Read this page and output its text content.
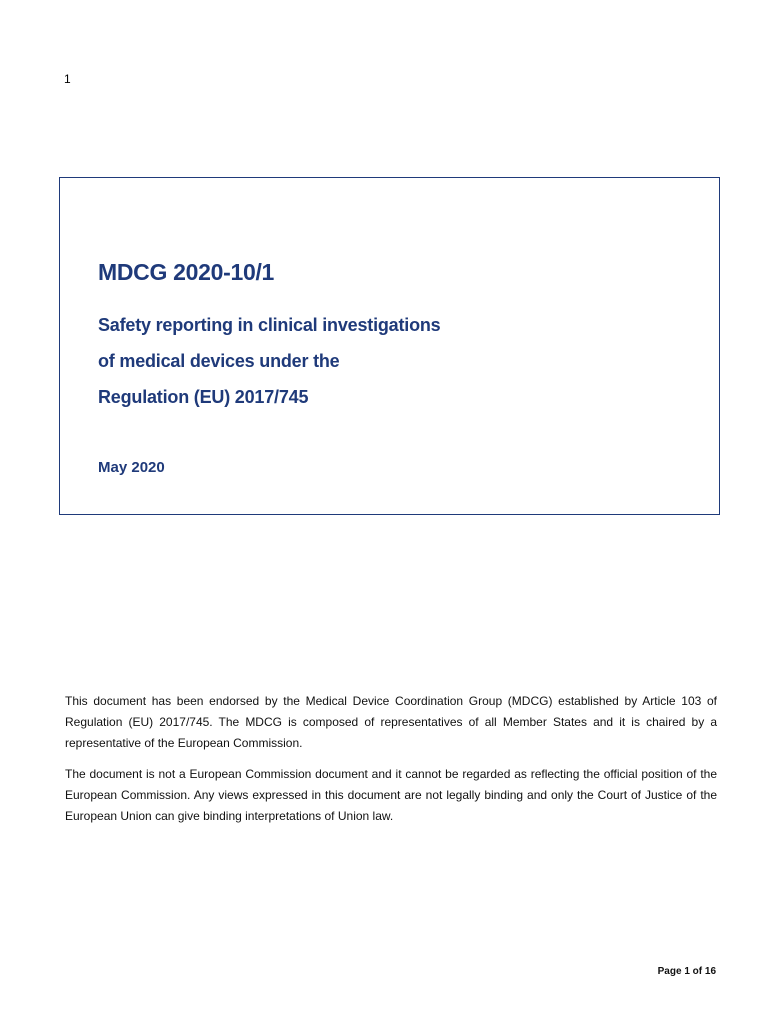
1
MDCG 2020-10/1
Safety reporting in clinical investigations
of medical devices under the
Regulation (EU) 2017/745

May 2020

This document has been endorsed by the Medical Device Coordination Group (MDCG) established by Article 103 of Regulation (EU) 2017/745. The MDCG is composed of representatives of all Member States and it is chaired by a representative of the European Commission.

The document is not a European Commission document and it cannot be regarded as reflecting the official position of the European Commission. Any views expressed in this document are not legally binding and only the Court of Justice of the European Union can give binding interpretations of Union law.

Page 1 of 16
